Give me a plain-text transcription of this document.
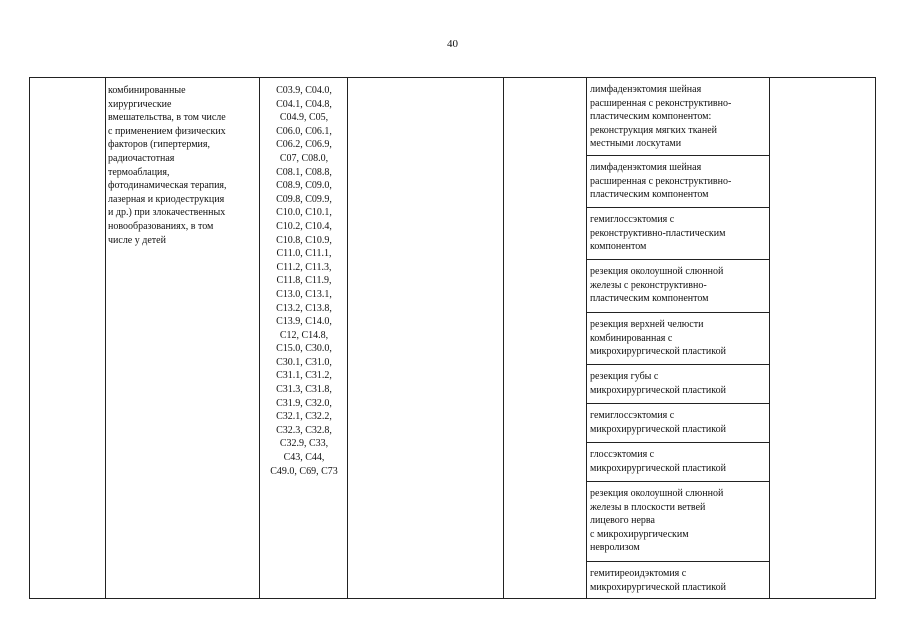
40
комбинированные
хирургические
вмешательства, в том числе
с применением физических
факторов (гипертермия,
радиочастотная
термоаблация,
фотодинамическая терапия,
лазерная и криодеструкция
и др.) при злокачественных
новообразованиях, в том
числе у детей
C03.9, C04.0,
C04.1, C04.8,
C04.9, C05,
C06.0, C06.1,
C06.2, C06.9,
C07, C08.0,
C08.1, C08.8,
C08.9, C09.0,
C09.8, C09.9,
C10.0, C10.1,
C10.2, C10.4,
C10.8, C10.9,
C11.0, C11.1,
C11.2, C11.3,
C11.8, C11.9,
C13.0, C13.1,
C13.2, C13.8,
C13.9, C14.0,
C12, C14.8,
C15.0, C30.0,
C30.1, C31.0,
C31.1, C31.2,
C31.3, C31.8,
C31.9, C32.0,
C32.1, C32.2,
C32.3, C32.8,
C32.9, C33,
C43, C44,
C49.0, C69, C73
лимфаденэктомия шейная
расширенная с реконструктивно-
пластическим компонентом:
реконструкция мягких тканей
местными лоскутами
лимфаденэктомия шейная
расширенная с реконструктивно-
пластическим компонентом
гемиглоссэктомия с
реконструктивно-пластическим
компонентом
резекция околоушной слюнной
железы с реконструктивно-
пластическим компонентом
резекция верхней челюсти
комбинированная с
микрохирургической пластикой
резекция губы с
микрохирургической пластикой
гемиглоссэктомия с
микрохирургической пластикой
глоссэктомия с
микрохирургической пластикой
резекция околоушной слюнной
железы в плоскости ветвей
лицевого нерва
с микрохирургическим
невролизом
гемитиреоидэктомия с
микрохирургической пластикой
